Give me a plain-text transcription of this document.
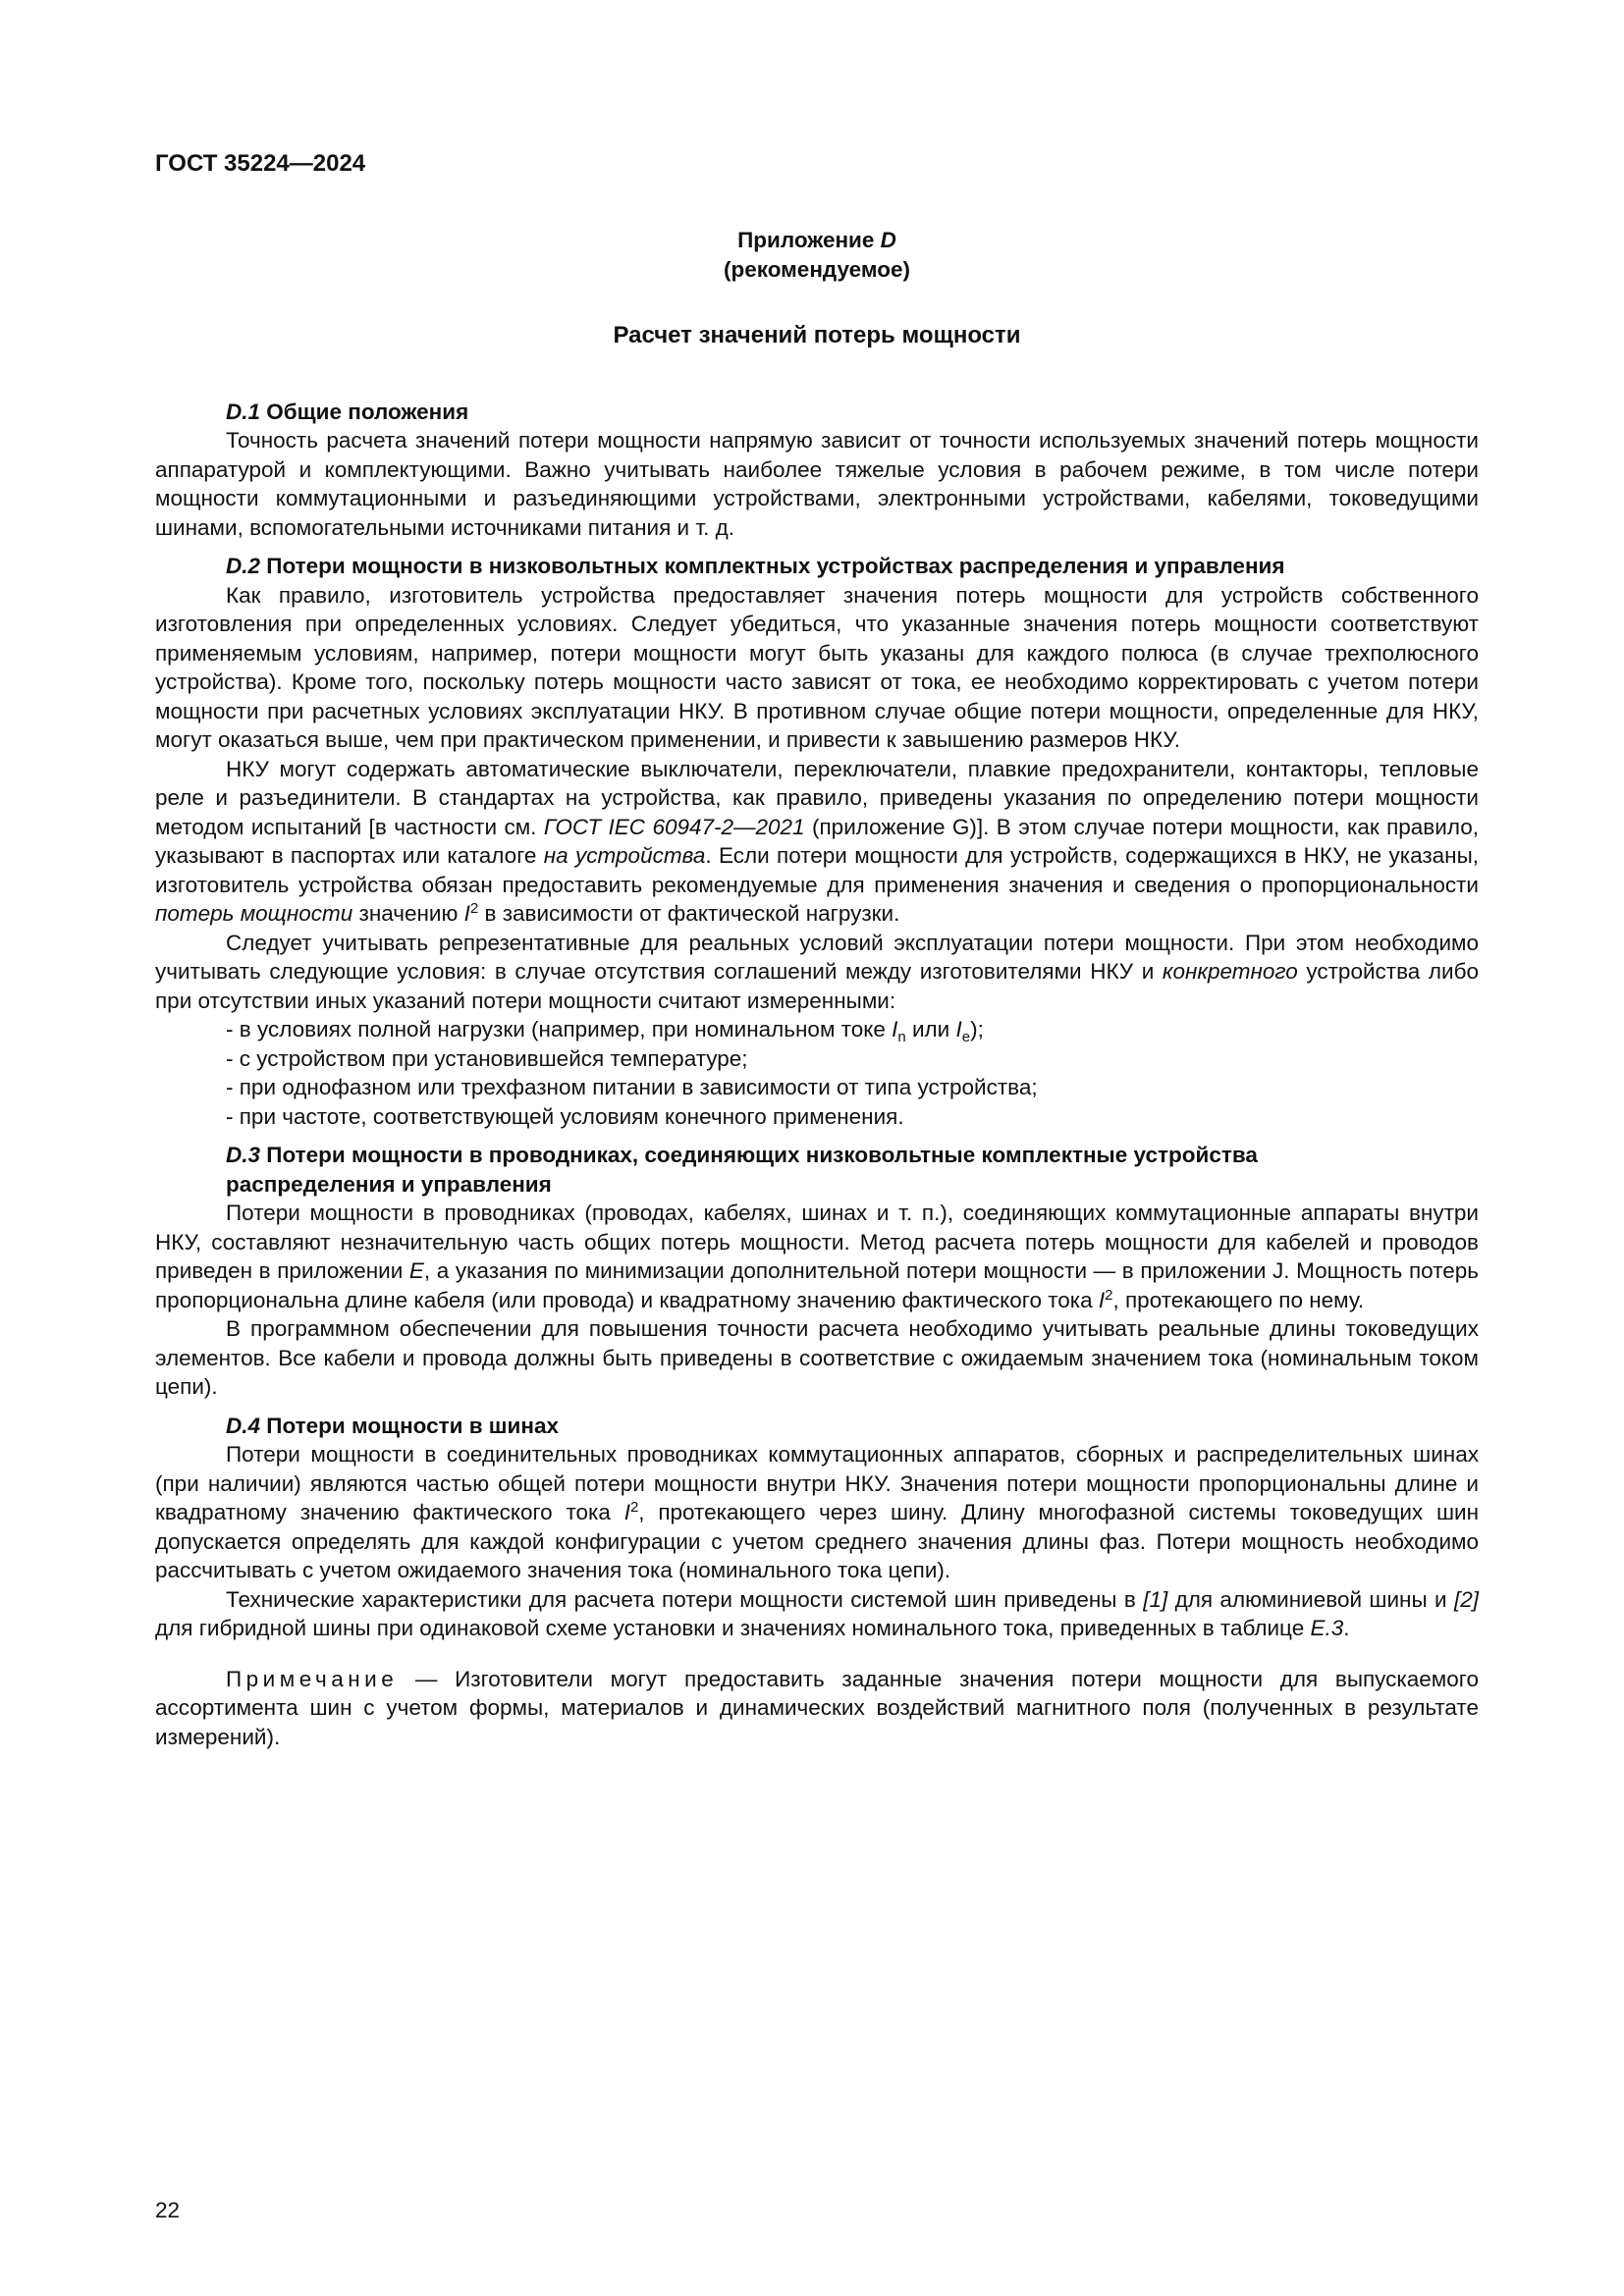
ГОСТ 35224—2024
Приложение D
(рекомендуемое)
Расчет значений потерь мощности
D.1 Общие положения

Точность расчета значений потери мощности напрямую зависит от точности используемых значений потерь мощности аппаратурой и комплектующими. Важно учитывать наиболее тяжелые условия в рабочем режиме, в том числе потери мощности коммутационными и разъединяющими устройствами, электронными устройствами, кабелями, токоведущими шинами, вспомогательными источниками питания и т. д.

D.2 Потери мощности в низковольтных комплектных устройствах распределения и управления

Как правило, изготовитель устройства предоставляет значения потерь мощности для устройств собственного изготовления при определенных условиях. Следует убедиться, что указанные значения потерь мощности соответствуют применяемым условиям, например, потери мощности могут быть указаны для каждого полюса (в случае трехполюсного устройства). Кроме того, поскольку потерь мощности часто зависят от тока, ее необходимо корректировать с учетом потери мощности при расчетных условиях эксплуатации НКУ. В противном случае общие потери мощности, определенные для НКУ, могут оказаться выше, чем при практическом применении, и привести к завышению размеров НКУ.

НКУ могут содержать автоматические выключатели, переключатели, плавкие предохранители, контакторы, тепловые реле и разъединители. В стандартах на устройства, как правило, приведены указания по определению потери мощности методом испытаний [в частности см. ГОСТ IEC 60947-2—2021 (приложение G)]. В этом случае потери мощности, как правило, указывают в паспортах или каталоге на устройства. Если потери мощности для устройств, содержащихся в НКУ, не указаны, изготовитель устройства обязан предоставить рекомендуемые для применения значения и сведения о пропорциональности потерь мощности значению $I^2$ в зависимости от фактической нагрузки.

Следует учитывать репрезентативные для реальных условий эксплуатации потери мощности. При этом необходимо учитывать следующие условия: в случае отсутствия соглашений между изготовителями НКУ и конкретного устройства либо при отсутствии иных указаний потери мощности считают измеренными:

- в условиях полной нагрузки (например, при номинальном токе $I_n$ или $I_e$);
- с устройством при установившейся температуре;
- при однофазном или трехфазном питании в зависимости от типа устройства;
- при частоте, соответствующей условиям конечного применения.
D.3 Потери мощности в проводниках, соединяющих низковольтные комплектные устройства
распределения и управления

Потери мощности в проводниках (проводах, кабелях, шинах и т. п.), соединяющих коммутационные аппараты внутри НКУ, составляют незначительную часть общих потерь мощности. Метод расчета потерь мощности для кабелей и проводов приведен в приложении E, а указания по минимизации дополнительной потери мощности — в приложении J. Мощность потерь пропорциональна длине кабеля (или провода) и квадратному значению фактического тока $I^2$, протекающего по нему.

В программном обеспечении для повышения точности расчета необходимо учитывать реальные длины токоведущих элементов. Все кабели и провода должны быть приведены в соответствие с ожидаемым значением тока (номинальным током цепи).

D.4 Потери мощности в шинах

Потери мощности в соединительных проводниках коммутационных аппаратов, сборных и распределительных шинах (при наличии) являются частью общей потери мощности внутри НКУ. Значения потери мощности пропорциональны длине и квадратному значению фактического тока $I^2$, протекающего через шину. Длину многофазной системы токоведущих шин допускается определять для каждой конфигурации с учетом среднего значения длины фаз. Потери мощность необходимо рассчитывать с учетом ожидаемого значения тока (номинального тока цепи).

Технические характеристики для расчета потери мощности системой шин приведены в [1] для алюминиевой шины и [2] для гибридной шины при одинаковой схеме установки и значениях номинального тока, приведенных в таблице E.3.

Примечание — Изготовители могут предоставить заданные значения потери мощности для выпускаемого ассортимента шин с учетом формы, материалов и динамических воздействий магнитного поля (полученных в результате измерений).

22
